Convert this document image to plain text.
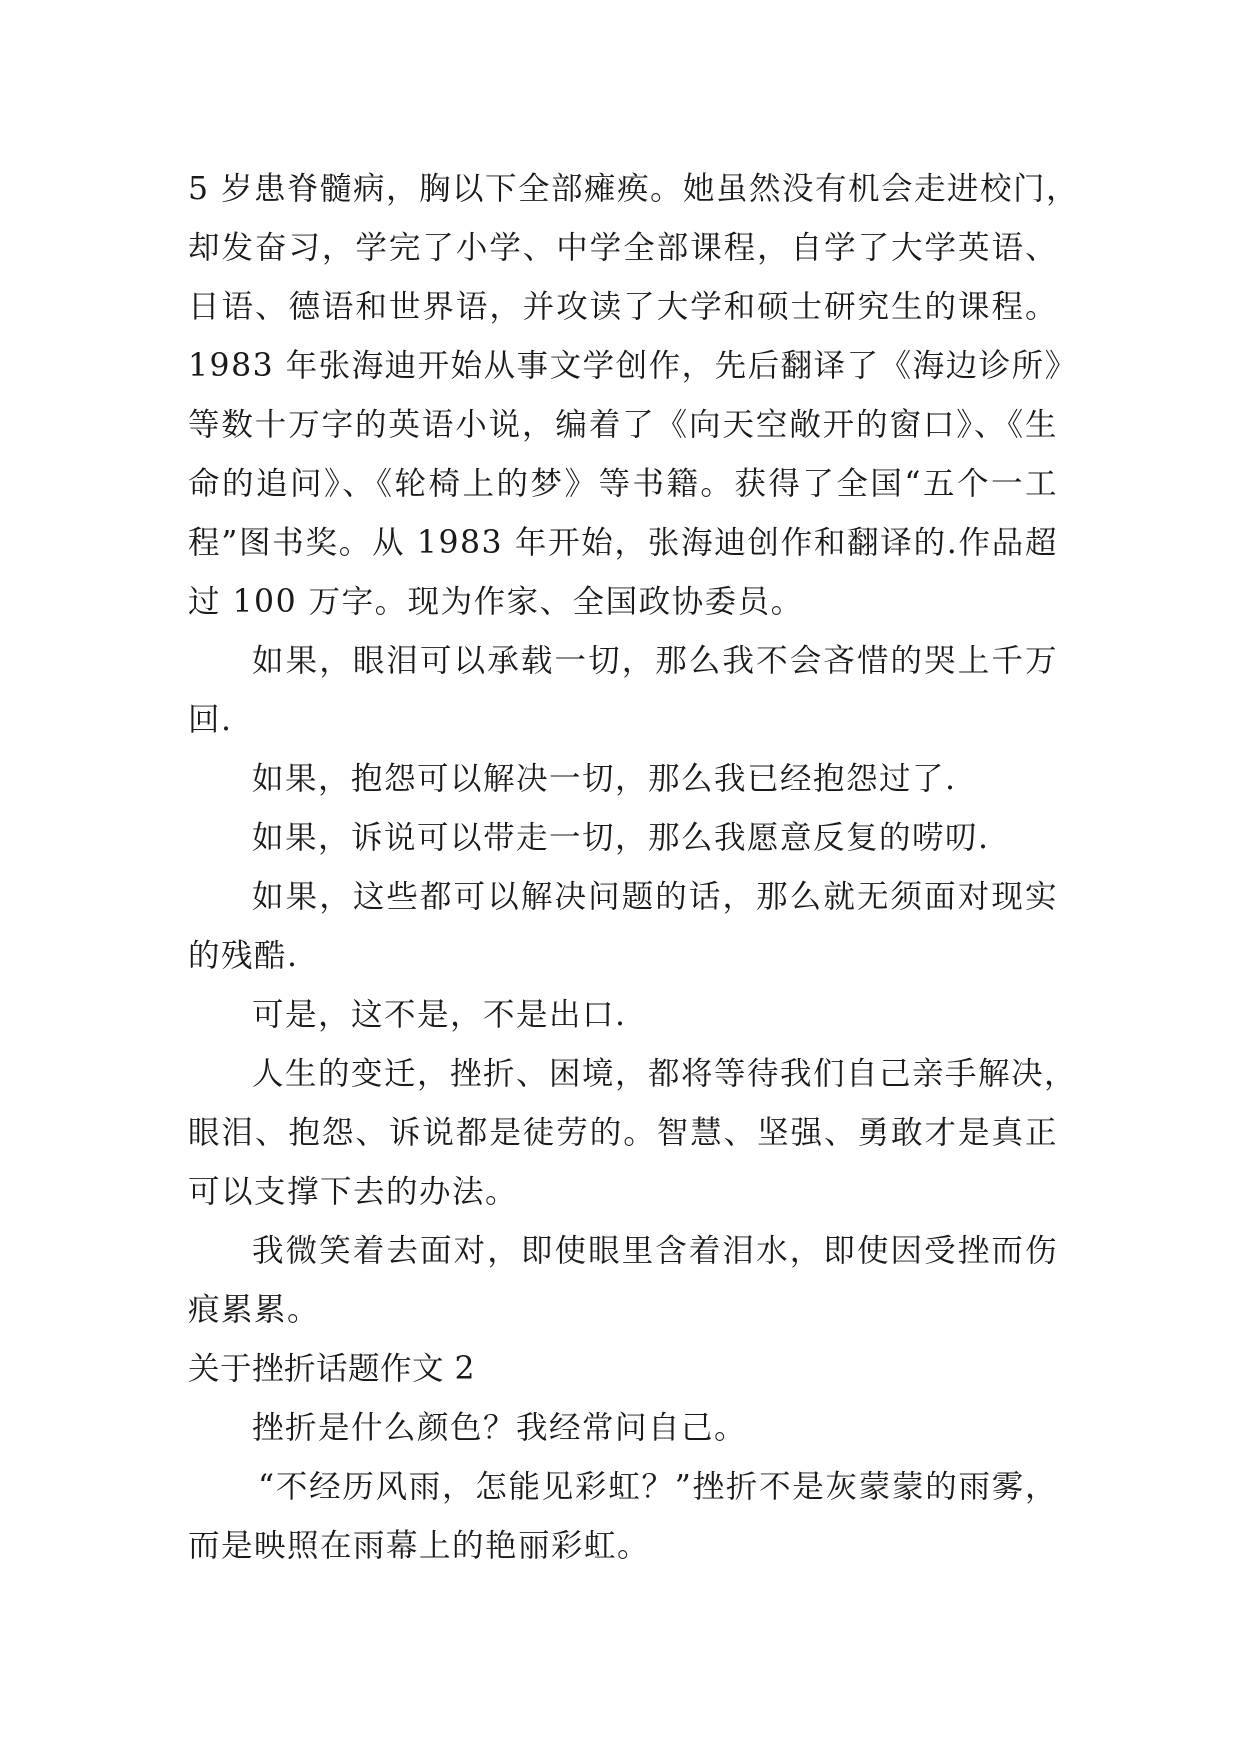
5 岁患脊髓病，胸以下全部瘫痪。她虽然没有机会走进校门，
却发奋习，学完了小学、中学全部课程，自学了大学英语、
日语、德语和世界语，并攻读了大学和硕士研究生的课程。
1983 年张海迪开始从事文学创作，先后翻译了《海边诊所》
等数十万字的英语小说，编着了《向天空敞开的窗口》、《生
命的追问》、《轮椅上的梦》等书籍。获得了全国“五个一工
程”图书奖。从 1983 年开始，张海迪创作和翻译的.作品超
过 100 万字。现为作家、全国政协委员。
如果，眼泪可以承载一切，那么我不会吝惜的哭上千万
回.
如果，抱怨可以解决一切，那么我已经抱怨过了.
如果，诉说可以带走一切，那么我愿意反复的唠叨.
如果，这些都可以解决问题的话，那么就无须面对现实
的残酷.
可是，这不是，不是出口.
人生的变迁，挫折、困境，都将等待我们自己亲手解决，
眼泪、抱怨、诉说都是徒劳的。智慧、坚强、勇敢才是真正
可以支撑下去的办法。
我微笑着去面对，即使眼里含着泪水，即使因受挫而伤
痕累累。
关于挫折话题作文 2
挫折是什么颜色？我经常问自己。
“不经历风雨，怎能见彩虹？”挫折不是灰蒙蒙的雨雾，
而是映照在雨幕上的艳丽彩虹。
